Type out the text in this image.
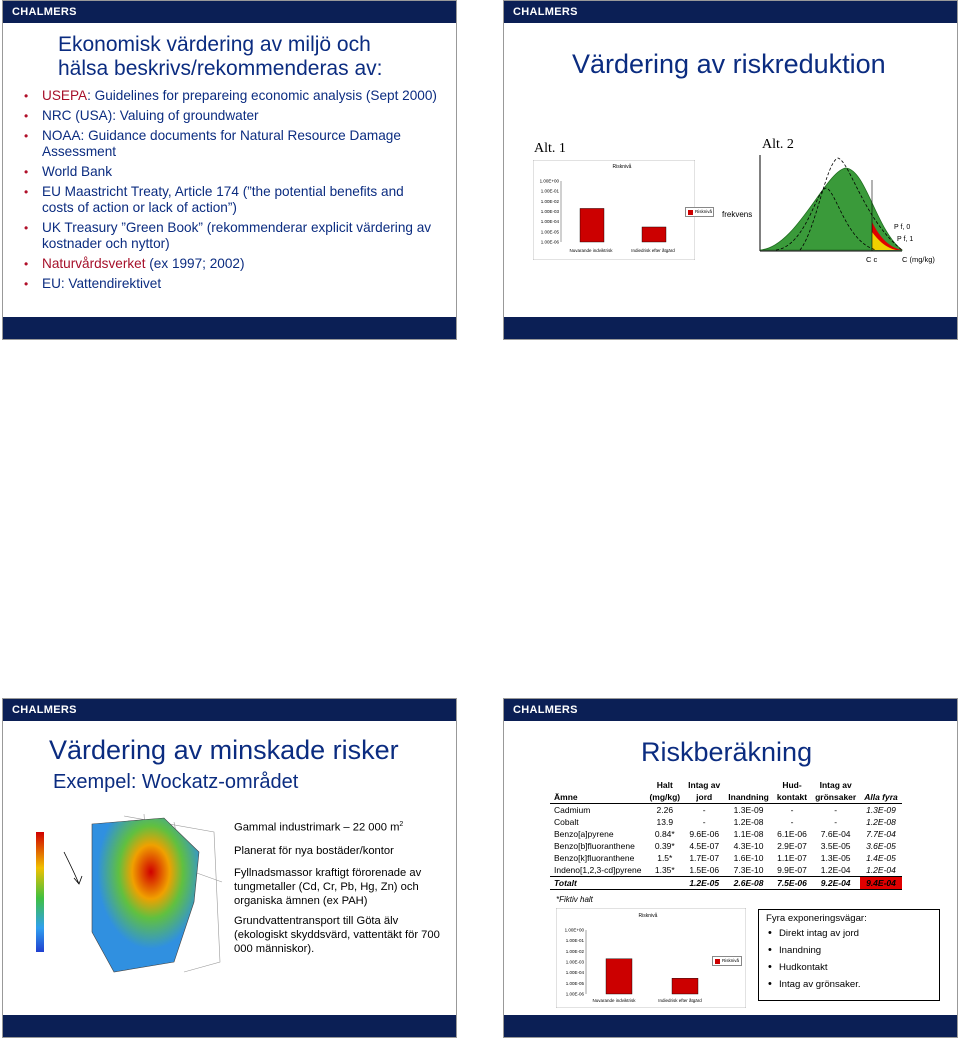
CHALMERS
Ekonomisk värdering av miljö och
hälsa beskrivs/rekommenderas av:
• USEPA: Guidelines for prepareing economic analysis (Sept 2000)
• NRC (USA): Valuing of groundwater
• NOAA: Guidance documents for Natural Resource Damage Assessment
• World Bank
• EU Maastricht Treaty, Article 174 (”the potential benefits and costs of action or lack of action”)
• UK Treasury ”Green Book” (rekommenderar explicit värdering av kostnader och nyttor)
• Naturvårdsverket (ex 1997; 2002)
• EU: Vattendirektivet
CHALMERS
Värdering av riskreduktion
Alt. 1	Alt. 2
Risknivå
1.00E+00
1.00E-01
1.00E-02
1.00E-03
1.00E-04
1.00E-05
1.00E-06
Nuvarande indviktrisk	Indiedrisk efter åtgärd
Risknivå frekvens
P f, 0
P f, 1
C c	C (mg/kg)
CHALMERS
Värdering av minskade risker
Exempel: Wockatz-området

Gammal industrimark – 22 000 $m^2$

Planerat för nya bostäder/kontor

Fyllnadsmassor kraftigt förorenade av tungmetaller (Cd, Cr, Pb, Hg, Zn) och organiska ämnen (ex PAH)

Grundvattentransport till Göta älv (ekologiskt skyddsvärd, vattentäkt för 700 000 människor).

CHALMERS
Riskberäkning
	Halt	Intag av		Hud-	Intag av	
Ämne	(mg/kg)	jord	Inandning	kontakt	grönsaker	Alla fyra
Cadmium	2.26	-	1.3E-09	-	-	1.3E-09
Cobalt	13.9	-	1.2E-08	-	-	1.2E-08
Benzo[a]pyrene	0.84*	9.6E-06	1.1E-08	6.1E-06	7.6E-04	7.7E-04
Benzo[b]fluoranthene	0.39*	4.5E-07	4.3E-10	2.9E-07	3.5E-05	3.6E-05
Benzo[k]fluoranthene	1.5*	1.7E-07	1.6E-10	1.1E-07	1.3E-05	1.4E-05
Indeno[1,2,3-cd]pyrene	1.35*	1.5E-06	7.3E-10	9.9E-07	1.2E-04	1.2E-04
Totalt		1.2E-05	2.6E-08	7.5E-06	9.2E-04	9.4E-04
*Fiktiv halt
Risknivå
1.00E+00
1.00E-01
1.00E-02
1.00E-03
1.00E-04
1.00E-05
1.00E-06
Nuvarande indviktrisk	Indiedrisk efter åtgärd
Risknivå
Fyra exponeringsvägar:
• Direkt intag av jord
• Inandning
• Hudkontakt
• Intag av grönsaker.
